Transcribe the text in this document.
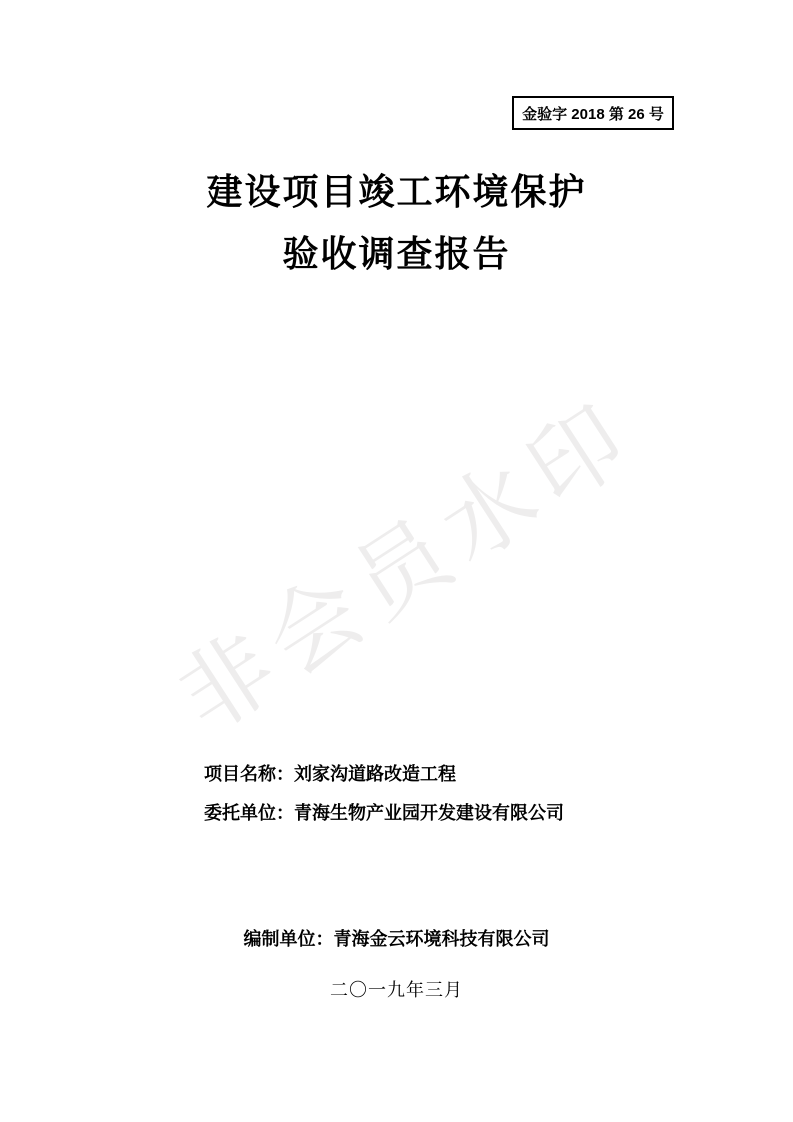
非会员水印
金验字 2018 第 26 号
建设项目竣工环境保护
验收调查报告
项目名称：刘家沟道路改造工程
委托单位：青海生物产业园开发建设有限公司
编制单位：青海金云环境科技有限公司
二〇一九年三月
